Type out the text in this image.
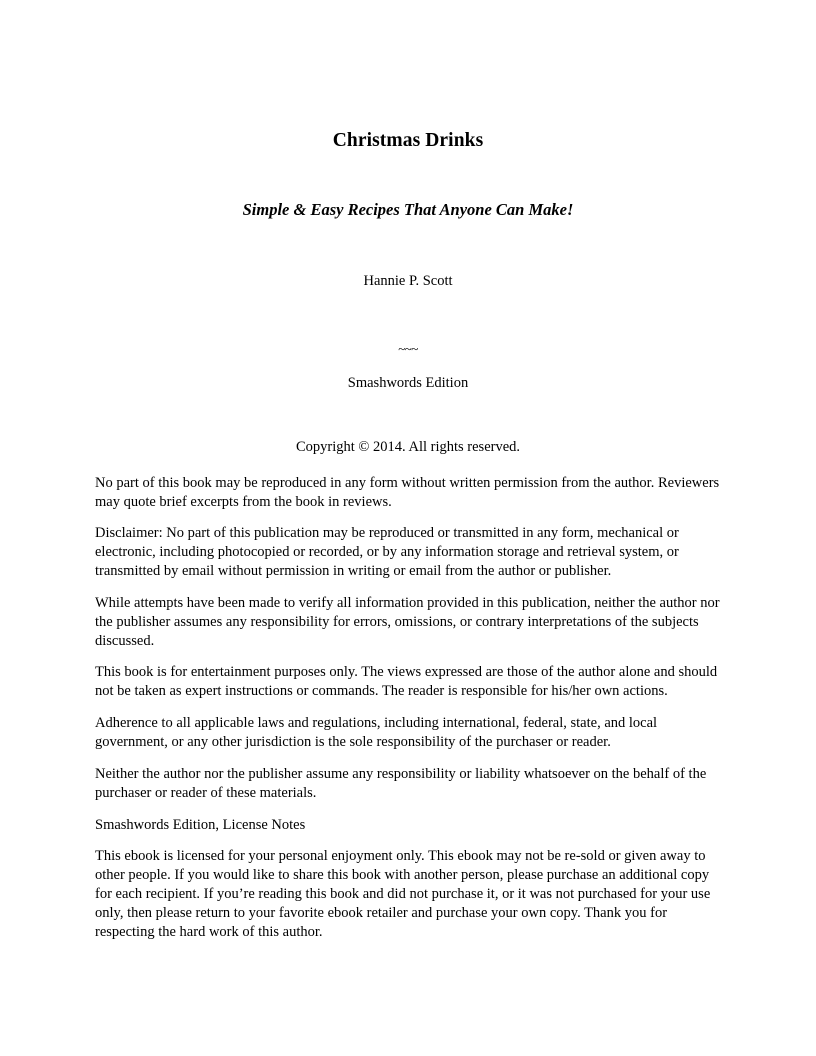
Christmas Drinks
Simple & Easy Recipes That Anyone Can Make!

Hannie P. Scott

~~~

Smashwords Edition

Copyright © 2014. All rights reserved.

No part of this book may be reproduced in any form without written permission from the author. Reviewers may quote brief excerpts from the book in reviews.

Disclaimer: No part of this publication may be reproduced or transmitted in any form, mechanical or electronic, including photocopied or recorded, or by any information storage and retrieval system, or transmitted by email without permission in writing or email from the author or publisher.

While attempts have been made to verify all information provided in this publication, neither the author nor the publisher assumes any responsibility for errors, omissions, or contrary interpretations of the subjects discussed.

This book is for entertainment purposes only. The views expressed are those of the author alone and should not be taken as expert instructions or commands. The reader is responsible for his/her own actions.

Adherence to all applicable laws and regulations, including international, federal, state, and local government, or any other jurisdiction is the sole responsibility of the purchaser or reader.

Neither the author nor the publisher assume any responsibility or liability whatsoever on the behalf of the purchaser or reader of these materials.

Smashwords Edition, License Notes

This ebook is licensed for your personal enjoyment only. This ebook may not be re-sold or given away to other people. If you would like to share this book with another person, please purchase an additional copy for each recipient. If you’re reading this book and did not purchase it, or it was not purchased for your use only, then please return to your favorite ebook retailer and purchase your own copy. Thank you for respecting the hard work of this author.
